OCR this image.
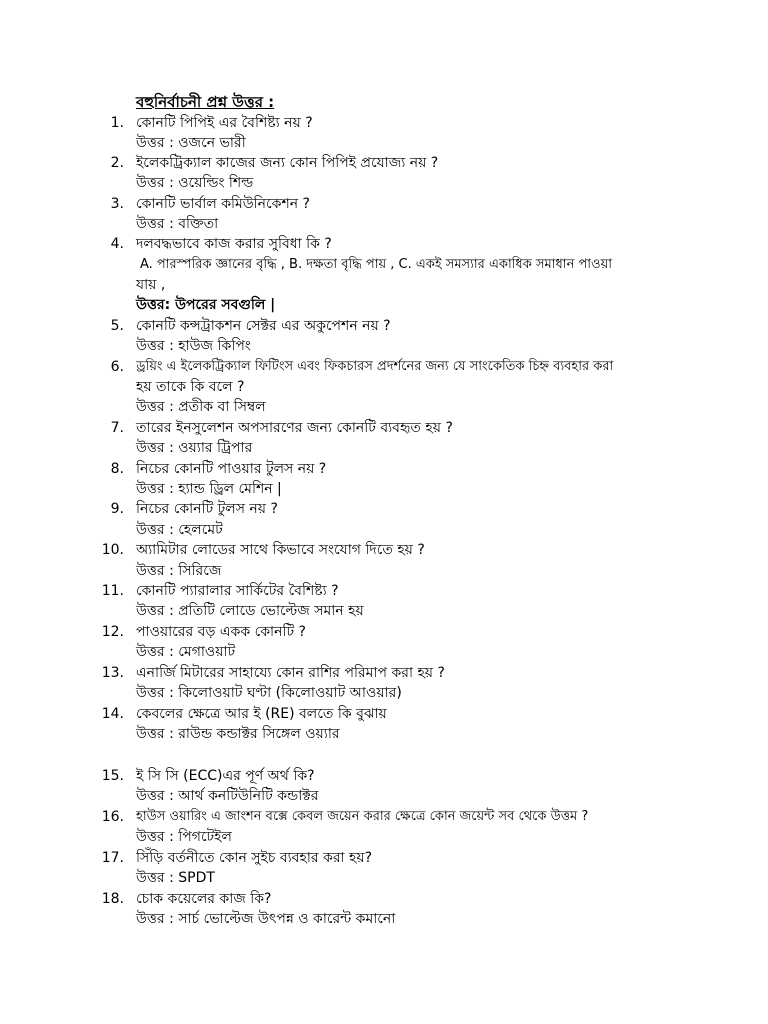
বহুনির্বাচনী প্রশ্ন উত্তর :
1. কোনটি পিপিই এর বৈশিষ্ট্য নয় ?
উত্তর : ওজনে ভারী
2. ইলেকট্রিক্যাল কাজের জন্য কোন পিপিই প্রযোজ্য নয় ?
উত্তর : ওয়েল্ডিং শিল্ড
3. কোনটি ভার্বাল কমিউনিকেশন ?
উত্তর : বক্তিতা
4. দলবদ্ধভাবে কাজ করার সুবিধা কি ?
A. পারস্পরিক জ্ঞানের বৃদ্ধি , B. দক্ষতা বৃদ্ধি পায় , C. একই সমস্যার একাধিক সমাধান পাওয়া
যায় ,
উত্তর: উপরের সবগুলি |
5. কোনটি কন্সট্রাকশন সেক্টর এর অকুপেশন নয় ?
উত্তর : হাউজ কিপিং
6. ড্রয়িং এ ইলেকট্রিক্যাল ফিটিংস এবং ফিকচারস প্রদর্শনের জন্য যে সাংকেতিক চিহ্ন ব্যবহার করা
হয় তাকে কি বলে ?
উত্তর : প্রতীক বা সিম্বল
7. তারের ইনসুলেশন অপসারণের জন্য কোনটি ব্যবহৃত হয় ?
উত্তর : ওয়্যার ট্রিপার
8. নিচের কোনটি পাওয়ার টুলস নয় ?
উত্তর : হ্যান্ড ড্রিল মেশিন |
9. নিচের কোনটি টুলস নয় ?
উত্তর : হেলমেট
10. অ্যামিটার লোডের সাথে কিভাবে সংযোগ দিতে হয় ?
উত্তর : সিরিজে
11. কোনটি প্যারালার সার্কিটের বৈশিষ্ট্য ?
উত্তর : প্রতিটি লোডে ভোল্টেজ সমান হয়
12. পাওয়ারের বড় একক কোনটি ?
উত্তর : মেগাওয়াট
13. এনার্জি মিটারের সাহায্যে কোন রাশির পরিমাপ করা হয় ?
উত্তর : কিলোওয়াট ঘণ্টা (কিলোওয়াট আওয়ার)
14. কেবলের ক্ষেত্রে আর ই (RE) বলতে কি বুঝায়
উত্তর : রাউন্ড কন্ডাক্টর সিঙ্গেল ওয়্যার
15. ই সি সি (ECC)এর পূর্ণ অর্থ কি?
উত্তর : আর্থ কনটিউনিটি কন্ডাক্টর
16. হাউস ওয়ারিং এ জাংশন বক্সে কেবল জয়েন করার ক্ষেত্রে কোন জয়েন্ট সব থেকে উত্তম ?
উত্তর : পিগটেইল
17. সিঁড়ি বর্তনীতে কোন সুইচ ব্যবহার করা হয়?
উত্তর : SPDT
18. চোক কয়েলের কাজ কি?
উত্তর : সার্চ ভোল্টেজ উৎপন্ন ও কারেন্ট কমানো
